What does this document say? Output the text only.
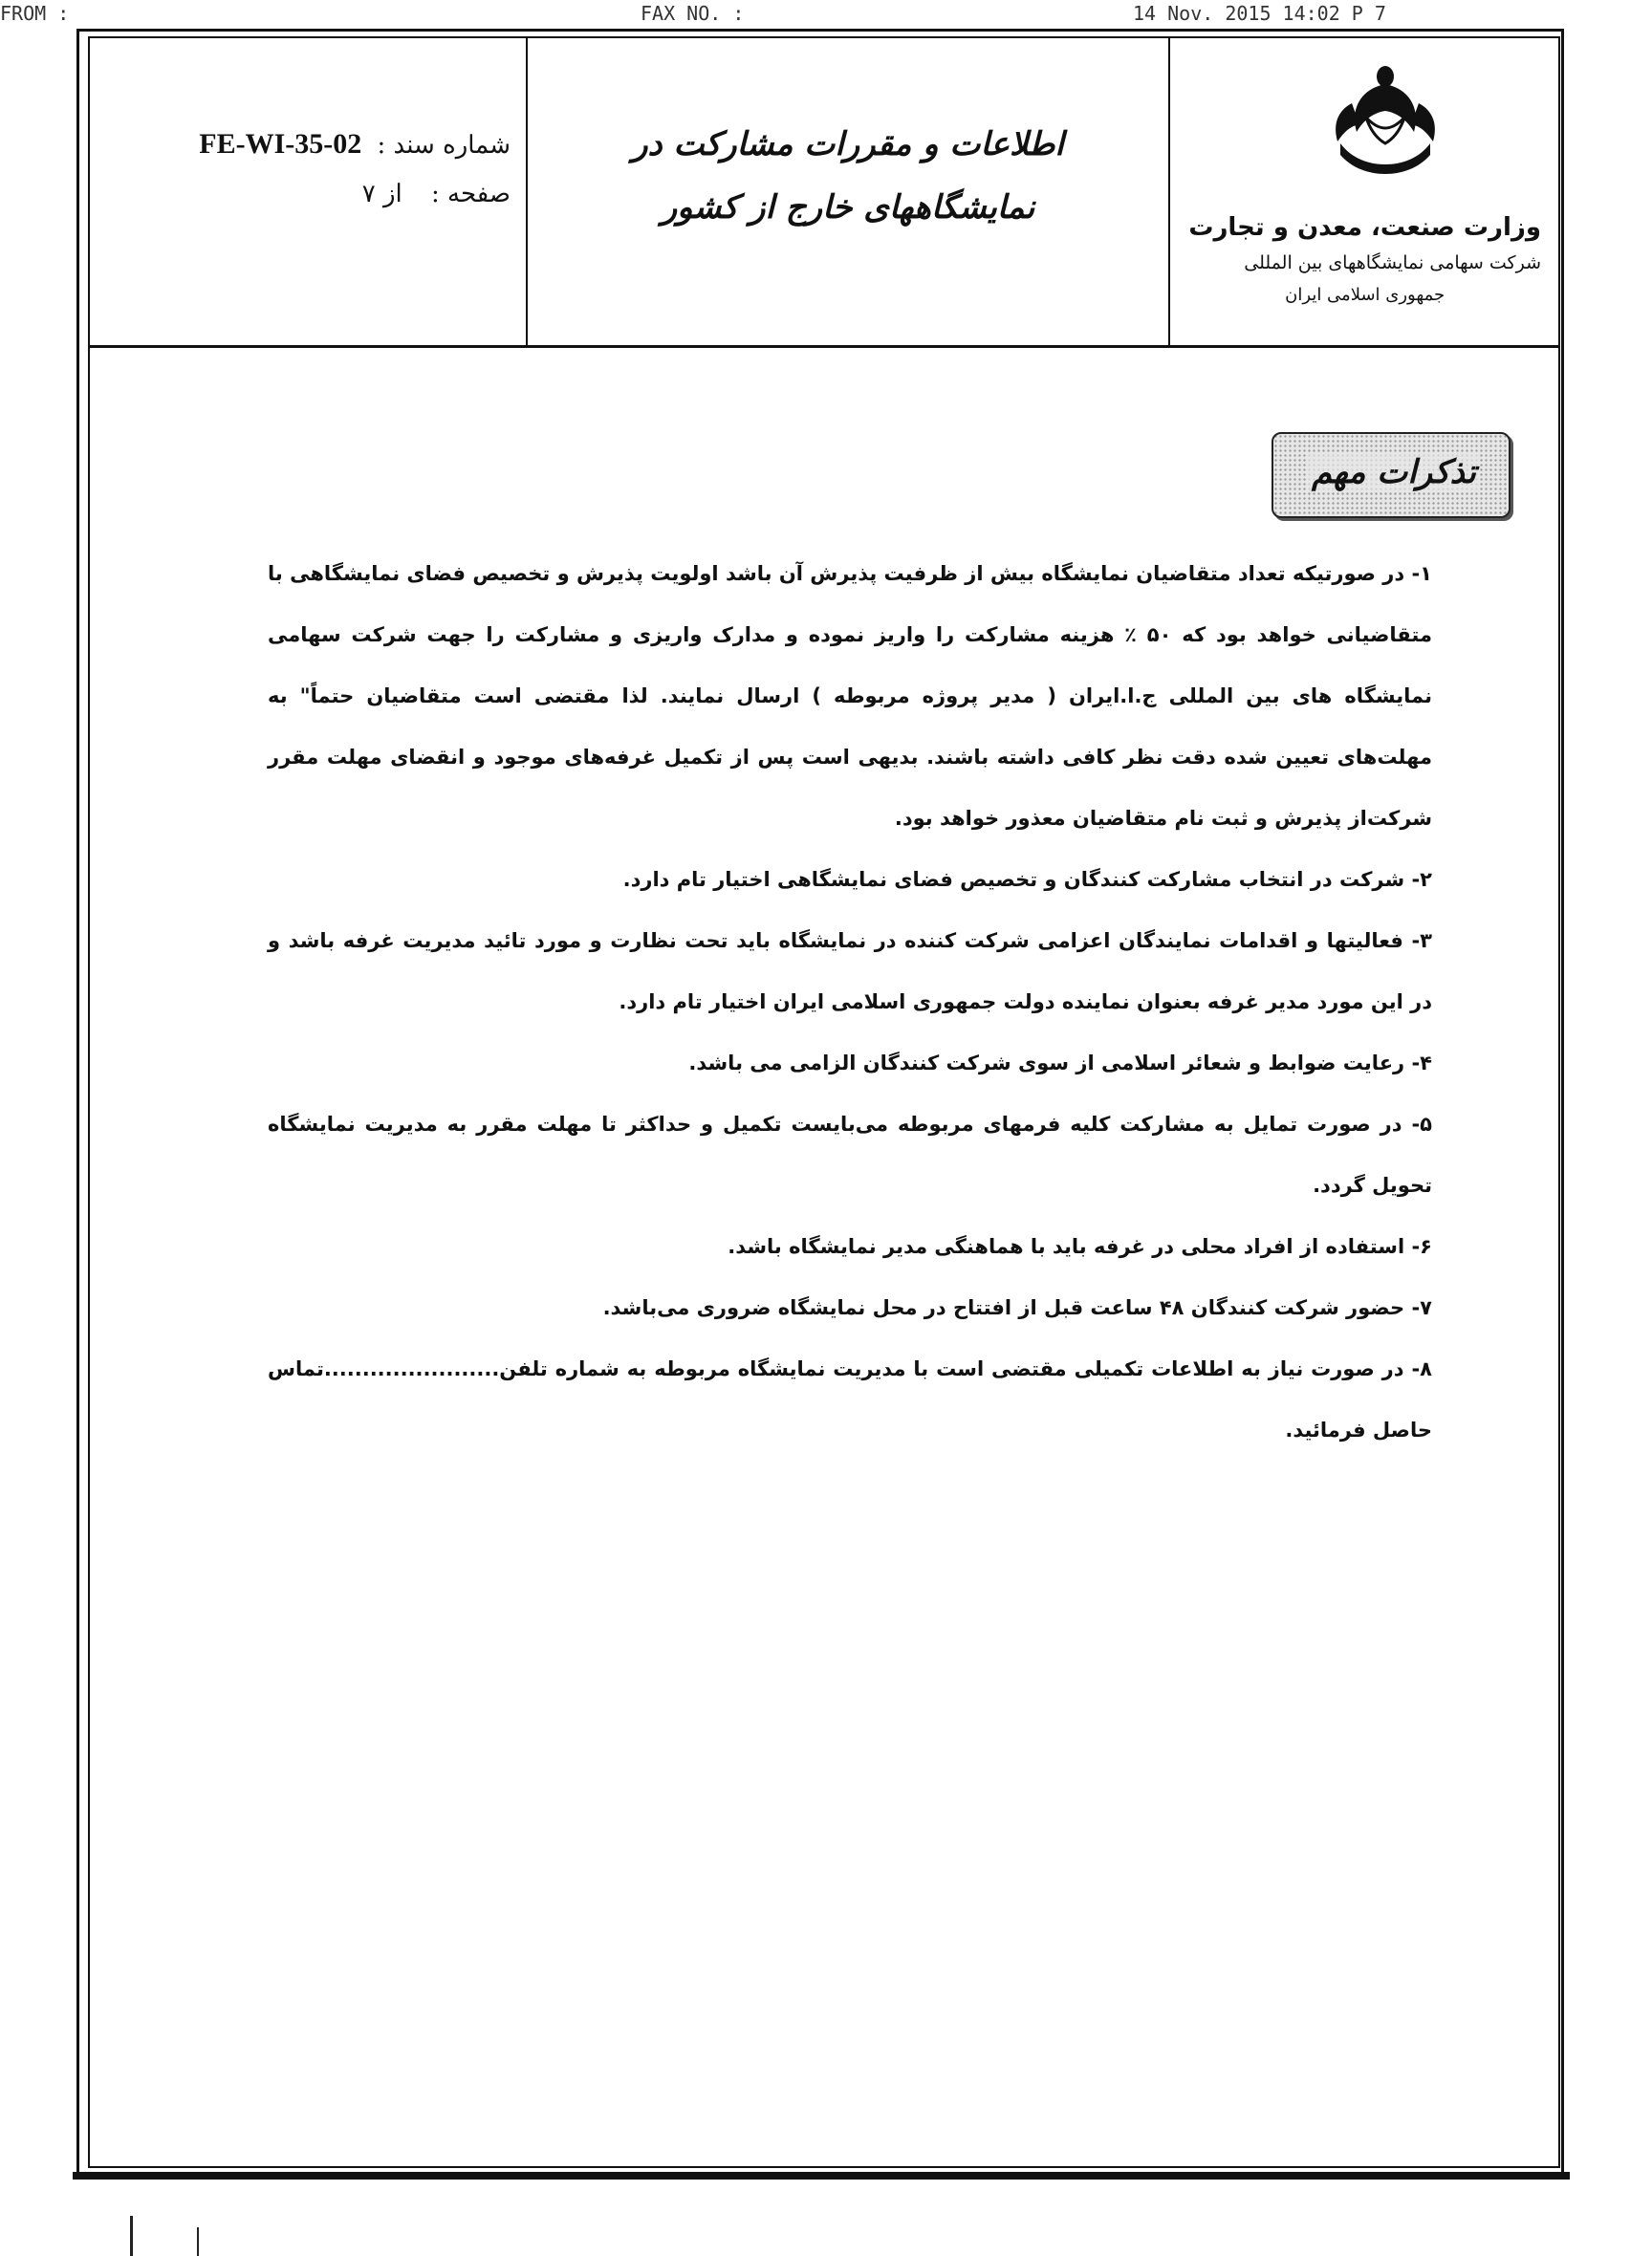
FROM :	FAX NO. :	14 Nov. 2015 14:02 P 7
شماره سند : FE-WI-35-02
صفحه : از ۷
اطلاعات و مقررات مشارکت در نمایشگاههای خارج از کشور
وزارت صنعت، معدن و تجارت
شرکت سهامی نمایشگاههای بین المللی
جمهوری اسلامی ایران
تذکرات مهم

۱- در صورتیکه تعداد متقاضیان نمایشگاه بیش از ظرفیت پذیرش آن باشد اولویت پذیرش و تخصیص فضای نمایشگاهی با متقاضیانی خواهد بود که ۵۰ ٪ هزینه مشارکت را واریز نموده و مدارک واریزی و مشارکت را جهت شرکت سهامی نمایشگاه های بین المللی ج.ا.ایران ( مدیر پروژه مربوطه ) ارسال نمایند. لذا مقتضی است متقاضیان حتماً" به مهلت‌های تعیین شده دقت نظر کافی داشته باشند. بدیهی است پس از تکمیل غرفه‌های موجود و انقضای مهلت مقرر شرکت‌از پذیرش و ثبت نام متقاضیان معذور خواهد بود.

۲- شرکت در انتخاب مشارکت کنندگان و تخصیص فضای نمایشگاهی اختیار تام دارد.

۳- فعالیتها و اقدامات نمایندگان اعزامی شرکت کننده در نمایشگاه باید تحت نظارت و مورد تائید مدیریت غرفه باشد و در این مورد مدیر غرفه بعنوان نماینده دولت جمهوری اسلامی ایران اختیار تام دارد.

۴- رعایت ضوابط و شعائر اسلامی از سوی شرکت کنندگان الزامی می باشد.

۵- در صورت تمایل به مشارکت کلیه فرمهای مربوطه می‌بایست تکمیل و حداکثر تا مهلت مقرر به مدیریت نمایشگاه تحویل گردد.

۶- استفاده از افراد محلی در غرفه باید با هماهنگی مدیر نمایشگاه باشد.

۷- حضور شرکت کنندگان ۴۸ ساعت قبل از افتتاح در محل نمایشگاه ضروری می‌باشد.

۸- در صورت نیاز به اطلاعات تکمیلی مقتضی است با مدیریت نمایشگاه مربوطه به شماره تلفن.......................تماس حاصل فرمائید.
